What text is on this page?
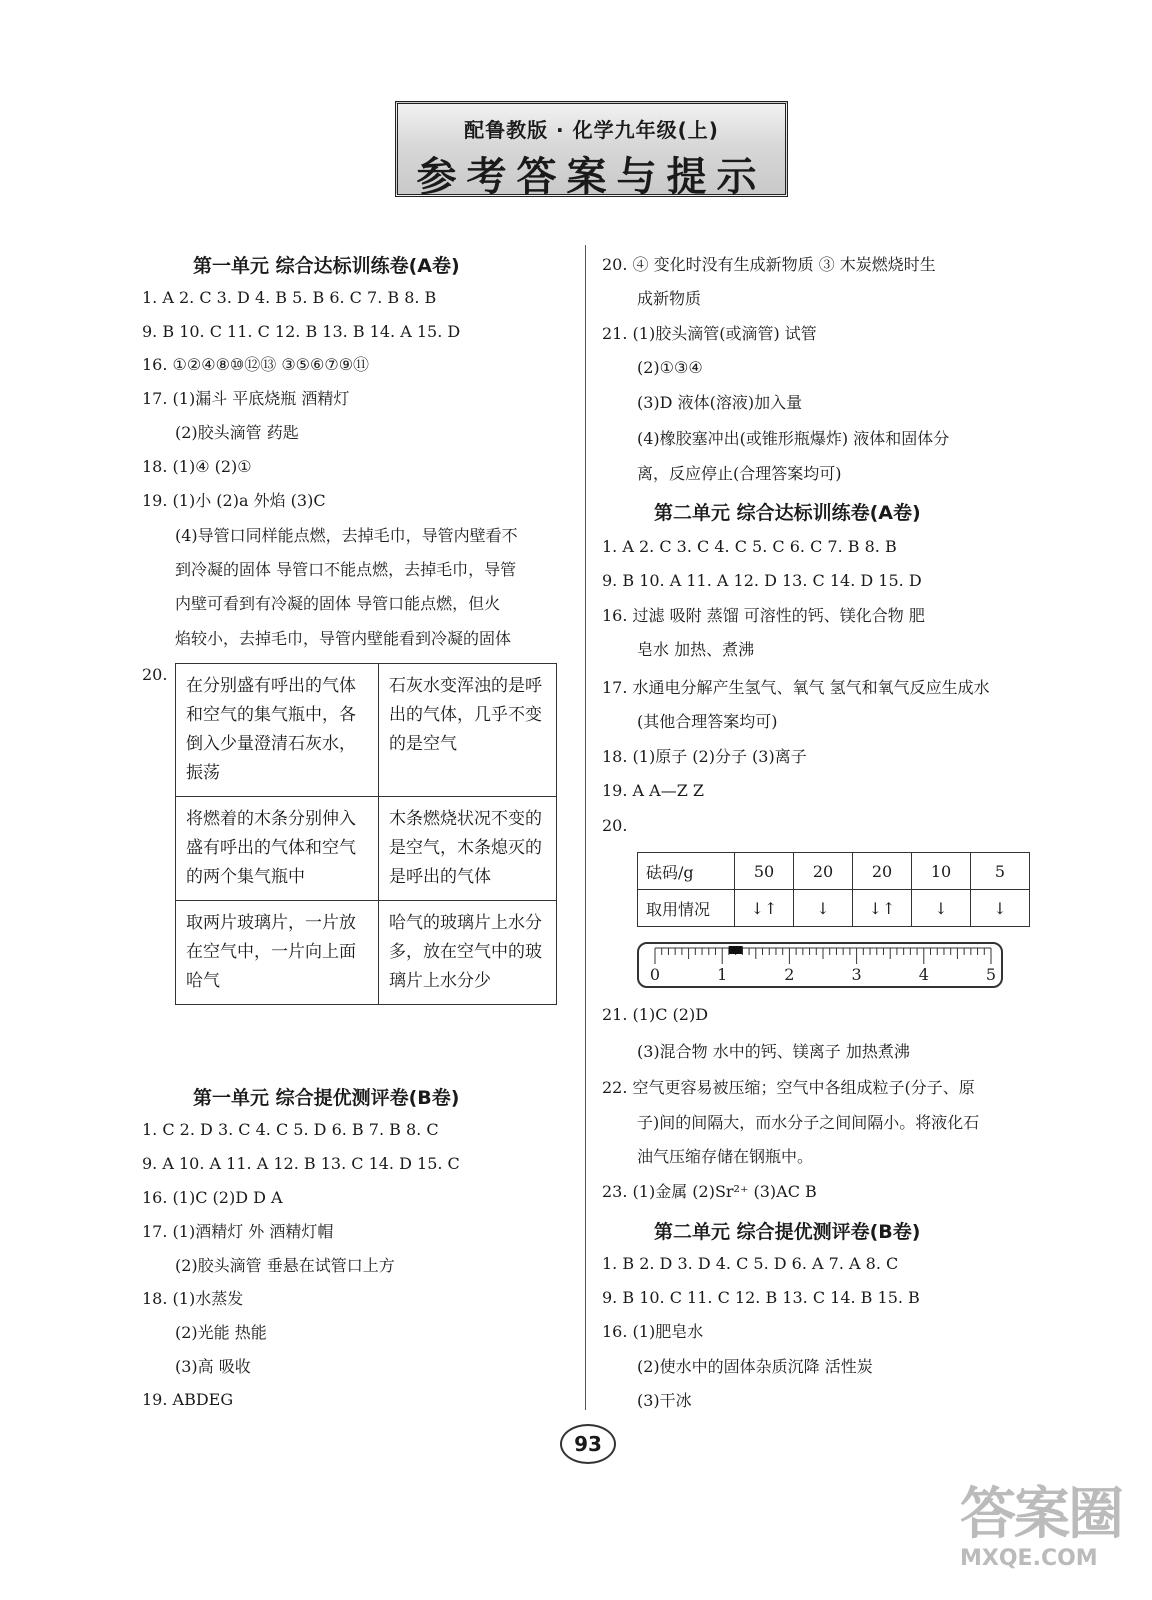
配鲁教版 · 化学九年级(上)
参考答案与提示
第一单元 综合达标训练卷(A卷)
1. A 2. C 3. D 4. B 5. B 6. C 7. B 8. B
9. B 10. C 11. C 12. B 13. B 14. A 15. D
16. ①②④⑧⑩⑫⑬ ③⑤⑥⑦⑨⑪
17. (1)漏斗 平底烧瓶 酒精灯
(2)胶头滴管 药匙
18. (1)④ (2)①
19. (1)小 (2)a 外焰 (3)C
(4)导管口同样能点燃，去掉毛巾，导管内壁看不
到冷凝的固体 导管口不能点燃，去掉毛巾，导管
内壁可看到有冷凝的固体 导管口能点燃，但火
焰较小，去掉毛巾，导管内壁能看到冷凝的固体
20.
在分别盛有呼出的气体和空气的集气瓶中，各倒入少量澄清石灰水，振荡	石灰水变浑浊的是呼出的气体，几乎不变的是空气
将燃着的木条分别伸入盛有呼出的气体和空气的两个集气瓶中	木条燃烧状况不变的是空气，木条熄灭的是呼出的气体
取两片玻璃片，一片放在空气中，一片向上面哈气	哈气的玻璃片上水分多，放在空气中的玻璃片上水分少
第一单元 综合提优测评卷(B卷)
1. C 2. D 3. C 4. C 5. D 6. B 7. B 8. C
9. A 10. A 11. A 12. B 13. C 14. D 15. C
16. (1)C (2)D D A
17. (1)酒精灯 外 酒精灯帽
(2)胶头滴管 垂悬在试管口上方
18. (1)水蒸发
(2)光能 热能
(3)高 吸收
19. ABDEG
20. ④ 变化时没有生成新物质 ③ 木炭燃烧时生
成新物质
21. (1)胶头滴管(或滴管) 试管
(2)①③④
(3)D 液体(溶液)加入量
(4)橡胶塞冲出(或锥形瓶爆炸) 液体和固体分
离，反应停止(合理答案均可)
第二单元 综合达标训练卷(A卷)
1. A 2. C 3. C 4. C 5. C 6. C 7. B 8. B
9. B 10. A 11. A 12. D 13. C 14. D 15. D
16. 过滤 吸附 蒸馏 可溶性的钙、镁化合物 肥
皂水 加热、煮沸
17. 水通电分解产生氢气、氧气 氢气和氧气反应生成水
(其他合理答案均可)
18. (1)原子 (2)分子 (3)离子
19. A A—Z Z
20.
砝码/g	50	20	20	10	5
取用情况	↓↑	↓	↓↑	↓	↓
0	1	2	3	4	5
21. (1)C (2)D
(3)混合物 水中的钙、镁离子 加热煮沸
22. 空气更容易被压缩；空气中各组成粒子(分子、原
子)间的间隔大，而水分子之间间隔小。将液化石
油气压缩存储在钢瓶中。
23. (1)金属 (2)Sr²⁺ (3)AC B
第二单元 综合提优测评卷(B卷)
1. B 2. D 3. D 4. C 5. D 6. A 7. A 8. C
9. B 10. C 11. C 12. B 13. C 14. B 15. B
16. (1)肥皂水
(2)使水中的固体杂质沉降 活性炭
(3)干冰
93
答案圈
MXQE.COM
